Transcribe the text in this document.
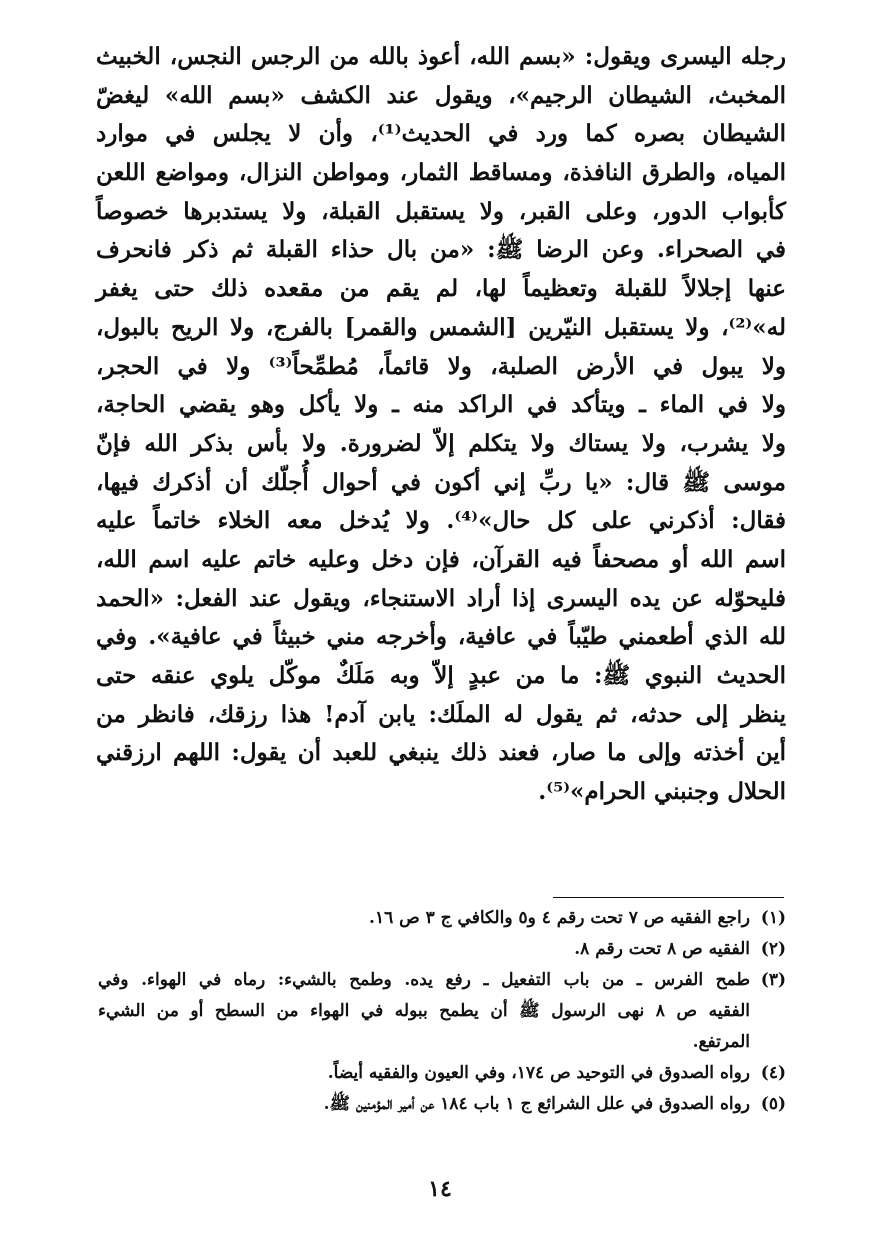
رجله اليسرى ويقول: «بسم الله، أعوذ بالله من الرجس النجس، الخبيث
المخبث، الشيطان الرجيم»، ويقول عند الكشف «بسم الله» ليغضّ
الشيطان بصره كما ورد في الحديث⁽¹⁾، وأن لا يجلس في موارد
المياه، والطرق النافذة، ومساقط الثمار، ومواطن النزال، ومواضع اللعن
كأبواب الدور، وعلى القبر، ولا يستقبل القبلة، ولا يستدبرها خصوصاً
في الصحراء. وعن الرضا ﷺ: «من بال حذاء القبلة ثم ذكر فانحرف
عنها إجلالاً للقبلة وتعظيماً لها، لم يقم من مقعده ذلك حتى يغفر
له»⁽²⁾، ولا يستقبل النيّرين [الشمس والقمر] بالفرج، ولا الريح بالبول،
ولا يبول في الأرض الصلبة، ولا قائماً، مُطمِّحاً⁽³⁾ ولا في الحجر،
ولا في الماء ـ ويتأكد في الراكد منه ـ ولا يأكل وهو يقضي الحاجة،
ولا يشرب، ولا يستاك ولا يتكلم إلاّ لضرورة. ولا بأس بذكر الله فإنّ
موسى ﷺ قال: «يا ربِّ إني أكون في أحوال أُجلّك أن أذكرك فيها،
فقال: أذكرني على كل حال»⁽⁴⁾. ولا يُدخل معه الخلاء خاتماً عليه
اسم الله أو مصحفاً فيه القرآن، فإن دخل وعليه خاتم عليه اسم الله،
فليحوّله عن يده اليسرى إذا أراد الاستنجاء، ويقول عند الفعل: «الحمد
لله الذي أطعمني طيّباً في عافية، وأخرجه مني خبيثاً في عافية». وفي
الحديث النبوي ﷺ: ما من عبدٍ إلاّ وبه مَلَكٌ موكّل يلوي عنقه حتى
ينظر إلى حدثه، ثم يقول له الملَك: يابن آدم! هذا رزقك، فانظر من
أين أخذته وإلى ما صار، فعند ذلك ينبغي للعبد أن يقول: اللهم ارزقني
الحلال وجنبني الحرام»⁽⁵⁾.
(١)
راجع الفقيه ص ٧ تحت رقم ٤ و٥ والكافي ج ٣ ص ١٦.
(٢)
الفقيه ص ٨ تحت رقم ٨.
(٣)
طمح الفرس ـ من باب التفعيل ـ رفع يده. وطمح بالشيء: رماه في الهواء. وفي
الفقيه ص ٨ نهى الرسول ﷺ أن يطمح ببوله في الهواء من السطح أو من الشيء
المرتفع.
(٤)
رواه الصدوق في التوحيد ص ١٧٤، وفي العيون والفقيه أيضاً.
(٥)
رواه الصدوق في علل الشرائع ج ١ باب ١٨٤ عن أمير المؤمنين ﷺ.
١٤
